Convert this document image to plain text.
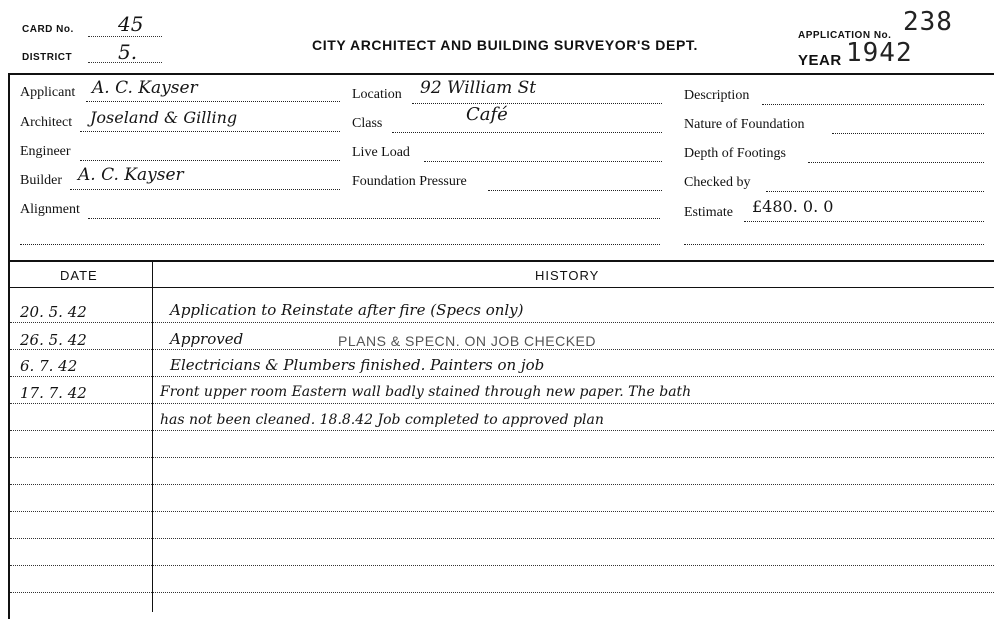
CARD No. 45
DISTRICT 5.	CITY ARCHITECT AND BUILDING SURVEYOR'S DEPT.
APPLICATION No. 238
YEAR 1942
Applicant A. C. Kayser
Architect Joseland & Gilling
Engineer
Builder A. C. Kayser
Alignment
Location 92 William St
Class	Café
Live Load
Foundation Pressure
Description
Nature of Foundation
Depth of Footings
Checked by
Estimate £480. 0. 0
DATE	HISTORY
20. 5. 42	Application to Reinstate after fire (Specs only)
26. 5. 42	Approved	PLANS & SPECN. ON JOB CHECKED
6. 7. 42	Electricians & Plumbers finished. Painters on job
17. 7. 42	Front upper room Eastern wall badly stained through new paper. The bath
has not been cleaned. 18.8.42 Job completed to approved plan
